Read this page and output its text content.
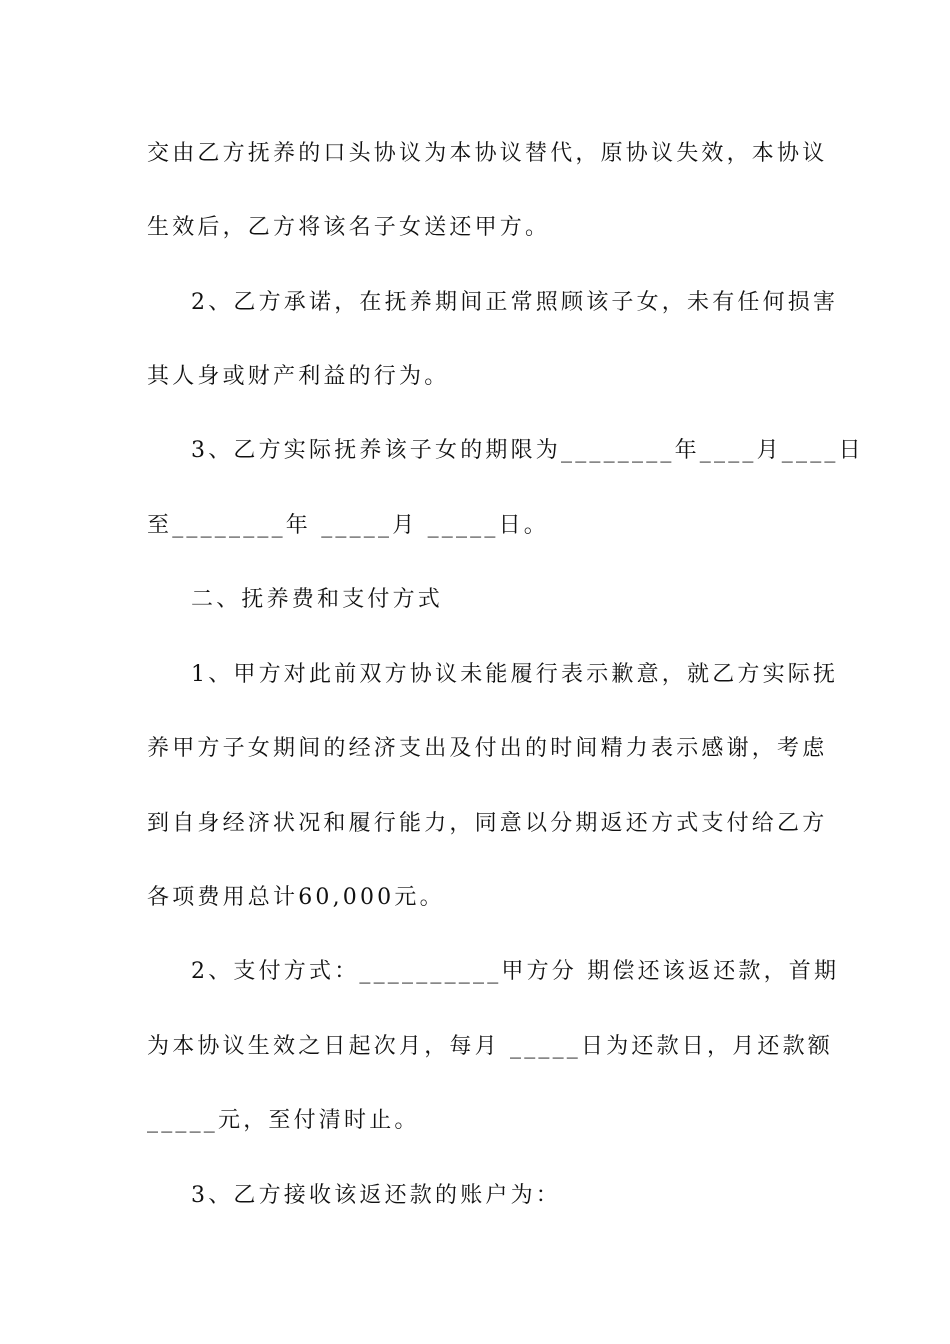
交由乙方抚养的口头协议为本协议替代，原协议失效，本协议
生效后，乙方将该名子女送还甲方。
2、乙方承诺，在抚养期间正常照顾该子女，未有任何损害
其人身或财产利益的行为。
3、乙方实际抚养该子女的期限为________年____月____日
至________年 _____月 _____日。
二、抚养费和支付方式
1、甲方对此前双方协议未能履行表示歉意，就乙方实际抚
养甲方子女期间的经济支出及付出的时间精力表示感谢，考虑
到自身经济状况和履行能力，同意以分期返还方式支付给乙方
各项费用总计60,000元。
2、支付方式：__________甲方分 期偿还该返还款，首期
为本协议生效之日起次月，每月 _____日为还款日，月还款额
_____元，至付清时止。
3、乙方接收该返还款的账户为：
